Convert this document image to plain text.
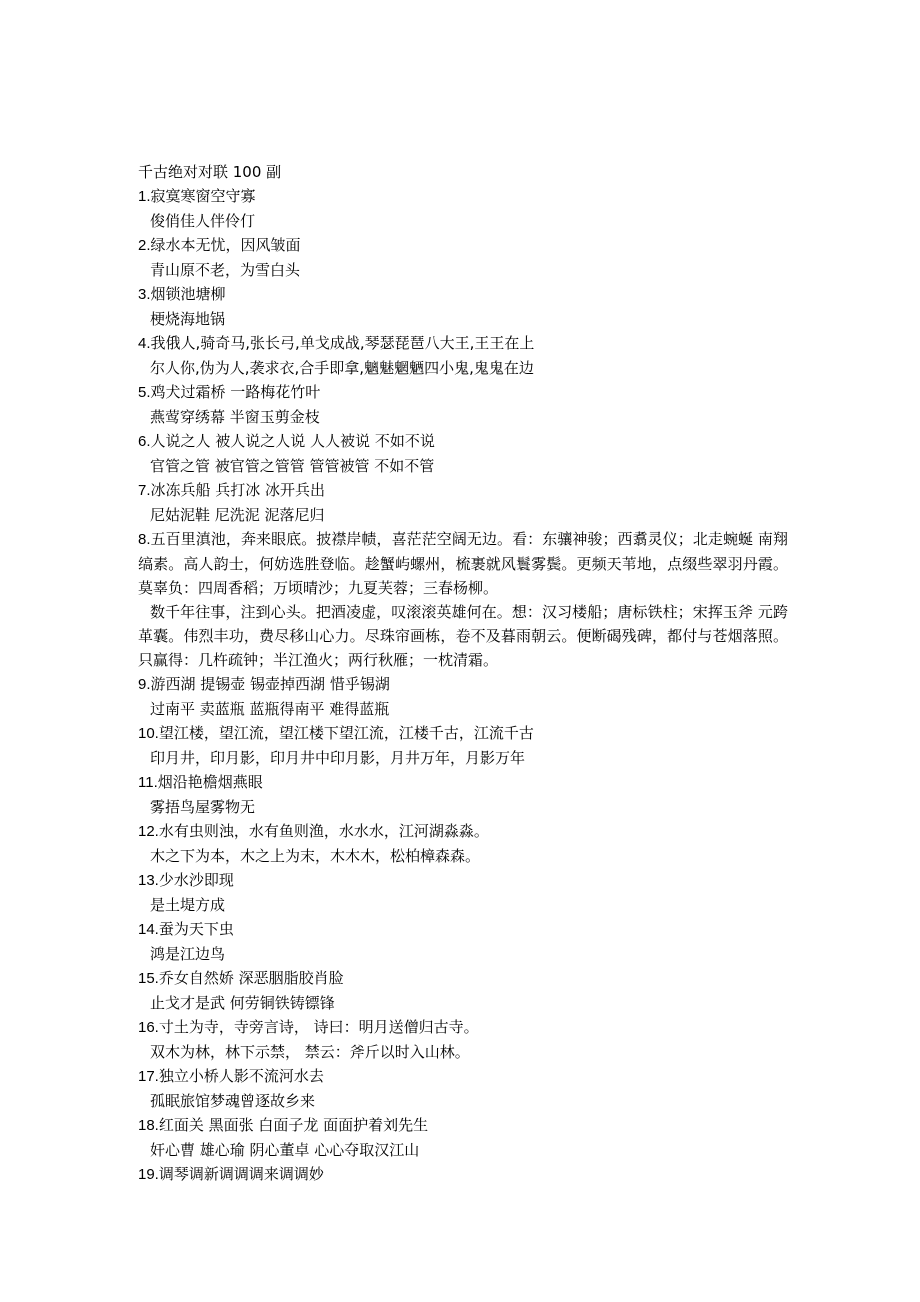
千古绝对对联 100 副
1.寂寞寒窗空守寡
俊俏佳人伴伶仃
2.绿水本无忧，因风皱面
青山原不老，为雪白头
3.烟锁池塘柳
梗烧海地锅
4.我俄人,骑奇马,张长弓,单戈成战,琴瑟琵琶八大王,王王在上
尔人你,伪为人,袭求衣,合手即拿,魑魅魍魉四小鬼,鬼鬼在边
5.鸡犬过霜桥 一路梅花竹叶
燕莺穿绣幕 半窗玉剪金枝
6.人说之人 被人说之人说 人人被说 不如不说
官管之管 被官管之管管 管管被管 不如不管
7.冰冻兵船 兵打冰 冰开兵出
尼姑泥鞋 尼洗泥 泥落尼归
8.五百里滇池，奔来眼底。披襟岸帻，喜茫茫空阔无边。看：东骧神骏；西翥灵仪；北走蜿蜒 南翔缟素。高人韵士，何妨选胜登临。趁蟹屿螺州，梳裹就风鬟雾鬓。更频天苇地，点缀些翠羽丹霞。莫辜负：四周香稻；万顷晴沙；九夏芙蓉；三春杨柳。
数千年往事，注到心头。把酒凌虚，叹滚滚英雄何在。想：汉习楼船；唐标铁柱；宋挥玉斧 元跨革囊。伟烈丰功，费尽移山心力。尽珠帘画栋，卷不及暮雨朝云。便断碣残碑，都付与苍烟落照。只赢得：几杵疏钟；半江渔火；两行秋雁；一枕清霜。
9.游西湖 提锡壶 锡壶掉西湖 惜乎锡湖
过南平 卖蓝瓶 蓝瓶得南平 难得蓝瓶
10.望江楼，望江流，望江楼下望江流，江楼千古，江流千古
印月井，印月影，印月井中印月影，月井万年，月影万年
11.烟沿艳檐烟燕眼
雾捂鸟屋雾物无
12.水有虫则浊，水有鱼则渔，水水水，江河湖淼淼。
木之下为本，木之上为末，木木木，松柏樟森森。
13.少水沙即现
是土堤方成
14.蚕为天下虫
鸿是江边鸟
15.乔女自然娇 深恶胭脂胶肖脸
止戈才是武 何劳铜铁铸镖锋
16.寸土为寺，寺旁言诗， 诗曰：明月送僧归古寺。
双木为林，林下示禁， 禁云：斧斤以时入山林。
17.独立小桥人影不流河水去
孤眠旅馆梦魂曾逐故乡来
18.红面关 黑面张 白面子龙 面面护着刘先生
奸心曹 雄心瑜 阴心董卓 心心夺取汉江山
19.调琴调新调调调来调调妙
